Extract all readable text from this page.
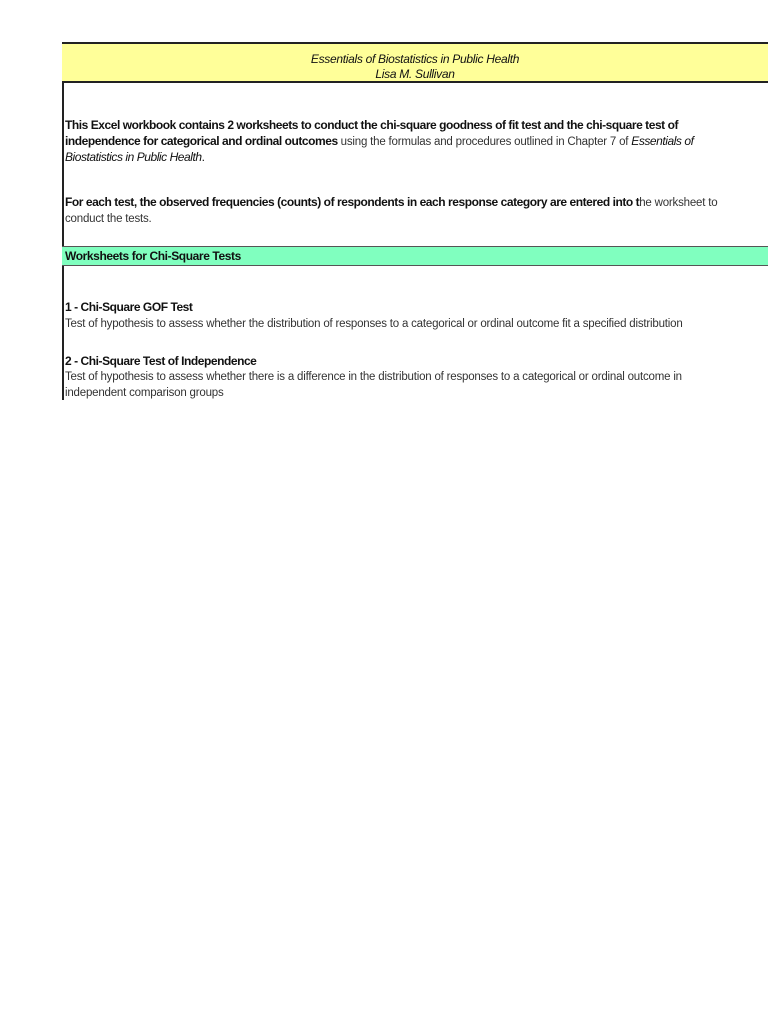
Essentials of Biostatistics in Public Health
Lisa M. Sullivan
This Excel workbook contains 2 worksheets to conduct the chi-square goodness of fit test and the chi-square test of
independence for categorical and ordinal outcomes using the formulas and procedures outlined in Chapter 7 of Essentials of
Biostatistics in Public Health.
For each test, the observed frequencies (counts) of respondents in each response category are entered into the worksheet to
conduct the tests.
Worksheets for Chi-Square Tests
1 - Chi-Square GOF Test
Test of hypothesis to assess whether the distribution of responses to a categorical or ordinal outcome fit a specified distribution
2 - Chi-Square Test of Independence
Test of hypothesis to assess whether there is a difference in the distribution of responses to a categorical or ordinal outcome in
independent comparison groups
